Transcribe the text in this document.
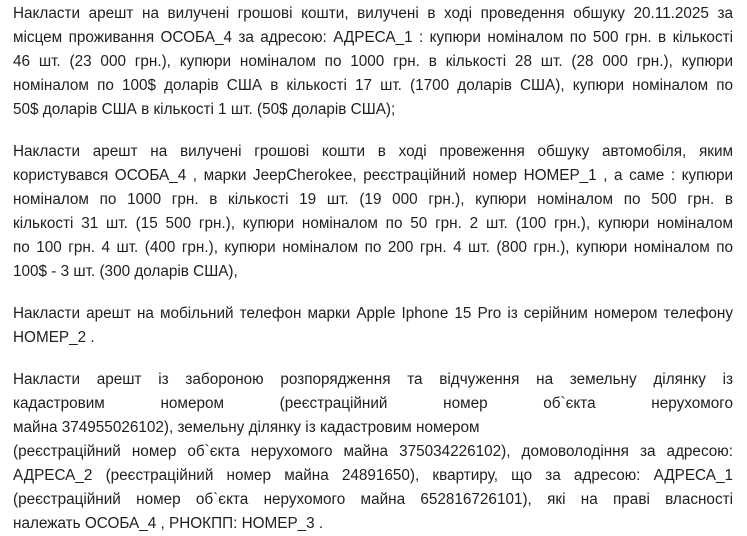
Накласти арешт на вилучені грошові кошти, вилучені в ході проведення обшуку 20.11.2025 за
місцем проживання ОСОБА_4 за адресою: АДРЕСА_1 : купюри номіналом по 500 грн. в кількості
46 шт. (23 000 грн.), купюри номіналом по 1000 грн. в кількості 28 шт. (28 000 грн.), купюри
номіналом по 100$ доларів США в кількості 17 шт. (1700 доларів США), купюри номіналом по
50$ доларів США в кількості 1 шт. (50$ доларів США);

Накласти арешт на вилучені грошові кошти в ході провеження обшуку автомобіля, яким
користувався ОСОБА_4 , марки JeepCherokee, реєстраційний номер НОМЕР_1 , а саме : купюри
номіналом по 1000 грн. в кількості 19 шт. (19 000 грн.), купюри номіналом по 500 грн. в
кількості 31 шт. (15 500 грн.), купюри номіналом по 50 грн. 2 шт. (100 грн.), купюри номіналом
по 100 грн. 4 шт. (400 грн.), купюри номіналом по 200 грн. 4 шт. (800 грн.), купюри номіналом по
100$ - 3 шт. (300 доларів США),

Накласти арешт на мобільний телефон марки Apple Iphone 15 Pro із серійним номером телефону
НОМЕР_2 .

Накласти арешт із забороною розпорядження та відчуження на земельну ділянку із
кадастровим номером (реєстраційний номер об`єкта нерухомого
майна 374955026102), земельну ділянку із кадастровим номером
(реєстраційний номер об`єкта нерухомого майна 375034226102), домоволодіння за адресою:
АДРЕСА_2 (реєстраційний номер майна 24891650), квартиру, що за адресою: АДРЕСА_1
(реєстраційний номер об`єкта нерухомого майна 652816726101), які на праві власності
належать ОСОБА_4 , РНОКПП: НОМЕР_3 .
